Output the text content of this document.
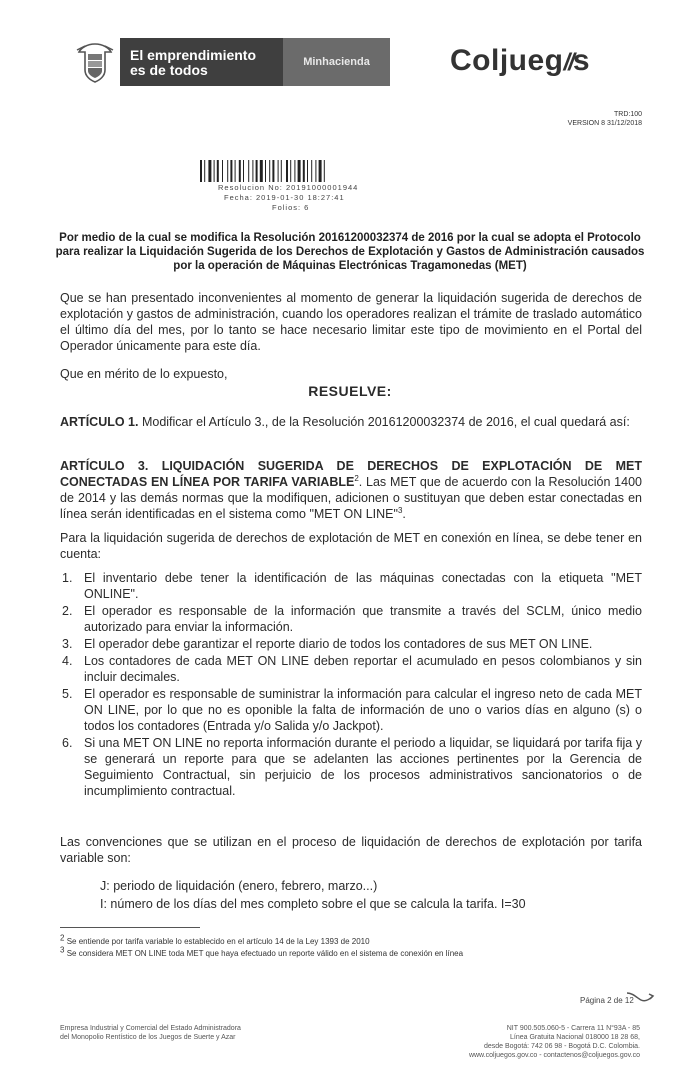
El emprendimiento
es de todos	Minhacienda	Coljueg//s
TRD:100
VERSION 8 31/12/2018
Resolucion No: 20191000001944
Fecha: 2019-01-30 18:27:41
Folios: 6
Por medio de la cual se modifica la Resolución 20161200032374 de 2016 por la cual se adopta el Protocolo para realizar la Liquidación Sugerida de los Derechos de Explotación y Gastos de Administración causados por la operación de Máquinas Electrónicas Tragamonedas (MET)
Que se han presentado inconvenientes al momento de generar la liquidación sugerida de derechos de explotación y gastos de administración, cuando los operadores realizan el trámite de traslado automático el último día del mes, por lo tanto se hace necesario limitar este tipo de movimiento en el Portal del Operador únicamente para este día.
Que en mérito de lo expuesto,
RESUELVE:
ARTÍCULO 1. Modificar el Artículo 3., de la Resolución 20161200032374 de 2016, el cual quedará así:
ARTÍCULO 3. LIQUIDACIÓN SUGERIDA DE DERECHOS DE EXPLOTACIÓN DE MET CONECTADAS EN LÍNEA POR TARIFA VARIABLE$^2$. Las MET que de acuerdo con la Resolución 1400 de 2014 y las demás normas que la modifiquen, adicionen o sustituyan que deben estar conectadas en línea serán identificadas en el sistema como "MET ON LINE"$^3$.
Para la liquidación sugerida de derechos de explotación de MET en conexión en línea, se debe tener en cuenta:
1. El inventario debe tener la identificación de las máquinas conectadas con la etiqueta "MET ONLINE".
2. El operador es responsable de la información que transmite a través del SCLM, único medio autorizado para enviar la información.
3. El operador debe garantizar el reporte diario de todos los contadores de sus MET ON LINE.
4. Los contadores de cada MET ON LINE deben reportar el acumulado en pesos colombianos y sin incluir decimales.
5. El operador es responsable de suministrar la información para calcular el ingreso neto de cada MET ON LINE, por lo que no es oponible la falta de información de uno o varios días en alguno (s) o todos los contadores (Entrada y/o Salida y/o Jackpot).
6. Si una MET ON LINE no reporta información durante el periodo a liquidar, se liquidará por tarifa fija y se generará un reporte para que se adelanten las acciones pertinentes por la Gerencia de Seguimiento Contractual, sin perjuicio de los procesos administrativos sancionatorios o de incumplimiento contractual.
Las convenciones que se utilizan en el proceso de liquidación de derechos de explotación por tarifa variable son:
J: periodo de liquidación (enero, febrero, marzo...)
I: número de los días del mes completo sobre el que se calcula la tarifa. I=30
$^2$ Se entiende por tarifa variable lo establecido en el artículo 14 de la Ley 1393 de 2010
$^3$ Se considera MET ON LINE toda MET que haya efectuado un reporte válido en el sistema de conexión en línea
Página 2 de 12
Empresa Industrial y Comercial del Estado Administradora
del Monopolio Rentístico de los Juegos de Suerte y Azar
NIT 900.505.060-5 - Carrera 11 N°93A - 85
Línea Gratuita Nacional 018000 18 28 68,
desde Bogotá: 742 06 98 - Bogotá D.C. Colombia.
www.coljuegos.gov.co - contactenos@coljuegos.gov.co
